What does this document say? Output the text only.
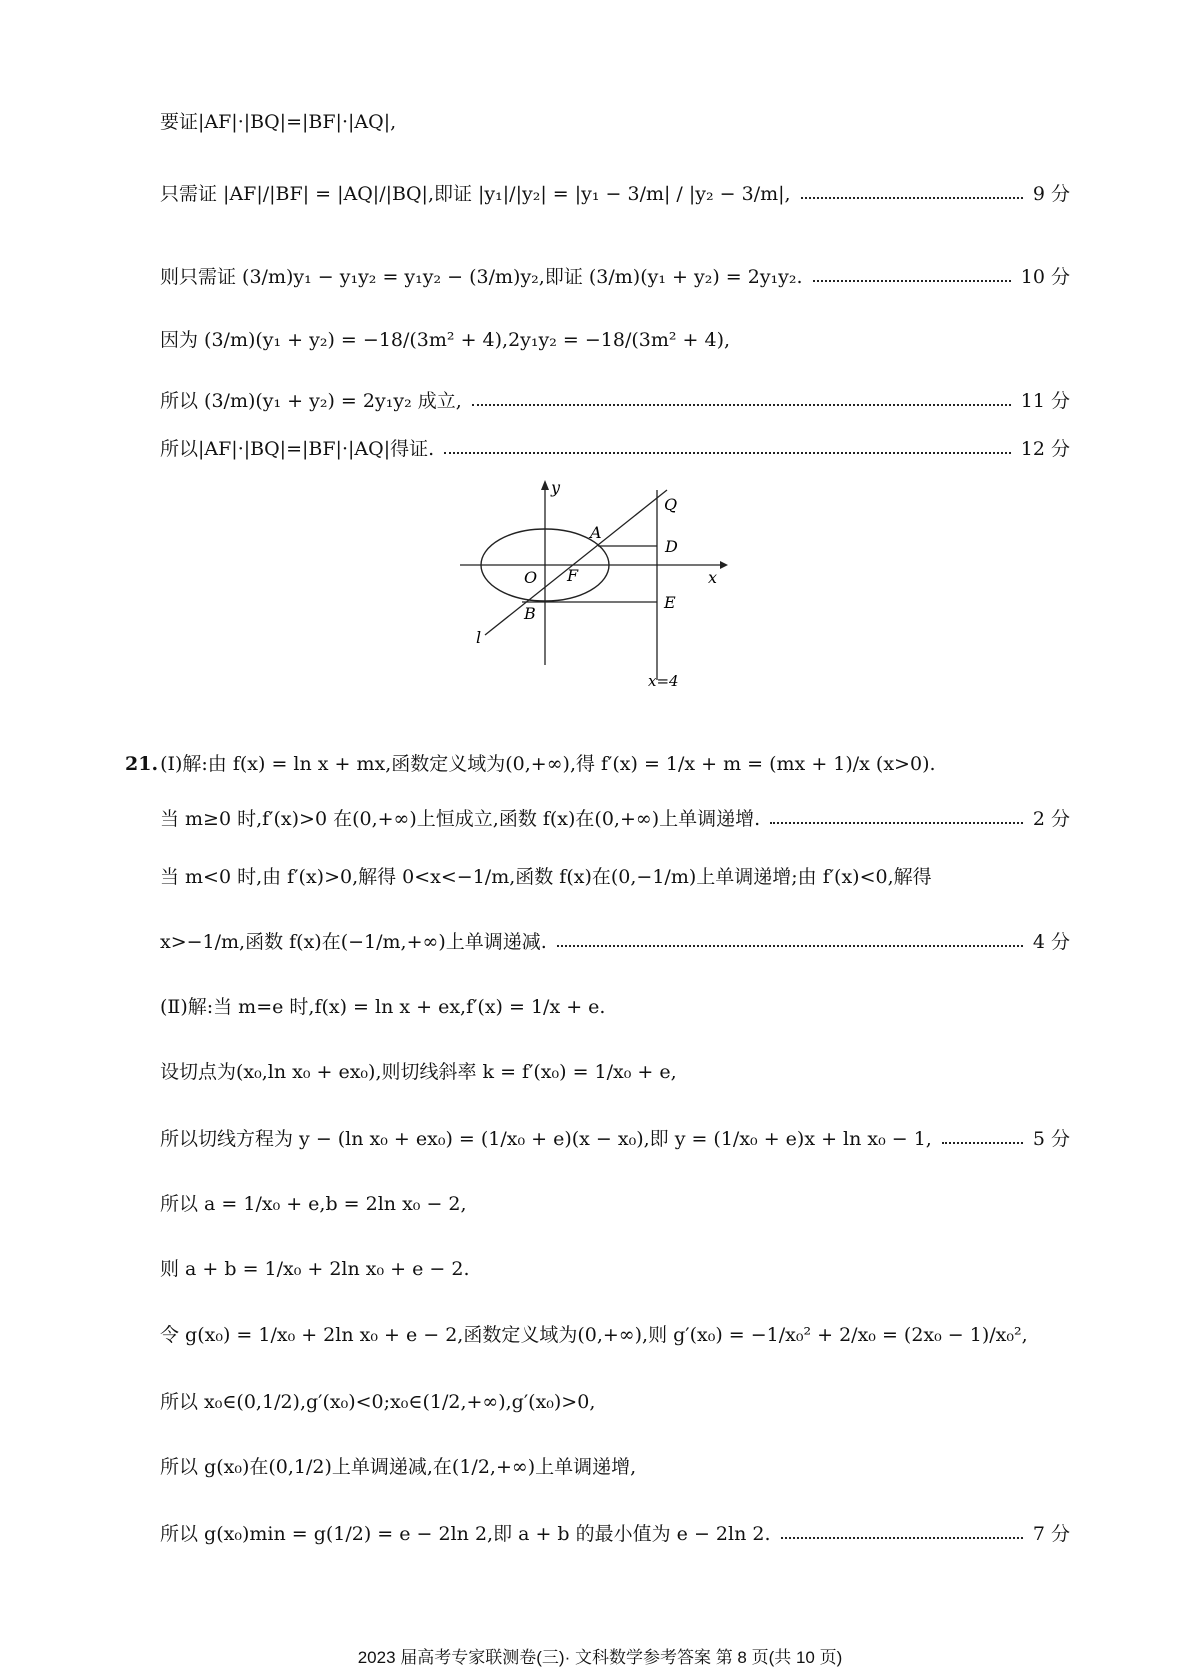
要证|AF|·|BQ|=|BF|·|AQ|,
只需证 |AF|/|BF| = |AQ|/|BQ|,即证 |y₁|/|y₂| = |y₁ − 3/m| / |y₂ − 3/m|,	9 分
则只需证 (3/m)y₁ − y₁y₂ = y₁y₂ − (3/m)y₂,即证 (3/m)(y₁ + y₂) = 2y₁y₂.	10 分
因为 (3/m)(y₁ + y₂) = −18/(3m² + 4),2y₁y₂ = −18/(3m² + 4),
所以 (3/m)(y₁ + y₂) = 2y₁y₂ 成立,	11 分
所以|AF|·|BQ|=|BF|·|AQ|得证.	12 分
y
x
Q
A
D
O F
B
E
l
x=4
21. (Ⅰ)解:由 f(x) = ln x + mx,函数定义域为(0,+∞),得 f′(x) = 1/x + m = (mx + 1)/x (x>0).
当 m≥0 时,f′(x)>0 在(0,+∞)上恒成立,函数 f(x)在(0,+∞)上单调递增.	2 分
当 m<0 时,由 f′(x)>0,解得 0<x<−1/m,函数 f(x)在(0,−1/m)上单调递增;由 f′(x)<0,解得
x>−1/m,函数 f(x)在(−1/m,+∞)上单调递减.	4 分
(Ⅱ)解:当 m=e 时,f(x) = ln x + ex,f′(x) = 1/x + e.
设切点为(x₀,ln x₀ + ex₀),则切线斜率 k = f′(x₀) = 1/x₀ + e,
所以切线方程为 y − (ln x₀ + ex₀) = (1/x₀ + e)(x − x₀),即 y = (1/x₀ + e)x + ln x₀ − 1,	5 分
所以 a = 1/x₀ + e,b = 2ln x₀ − 2,
则 a + b = 1/x₀ + 2ln x₀ + e − 2.
令 g(x₀) = 1/x₀ + 2ln x₀ + e − 2,函数定义域为(0,+∞),则 g′(x₀) = −1/x₀² + 2/x₀ = (2x₀ − 1)/x₀²,
所以 x₀∈(0,1/2),g′(x₀)<0;x₀∈(1/2,+∞),g′(x₀)>0,
所以 g(x₀)在(0,1/2)上单调递减,在(1/2,+∞)上单调递增,
所以 g(x₀)min = g(1/2) = e − 2ln 2,即 a + b 的最小值为 e − 2ln 2.	7 分
2023 届高考专家联测卷(三)· 文科数学参考答案 第 8 页(共 10 页)
